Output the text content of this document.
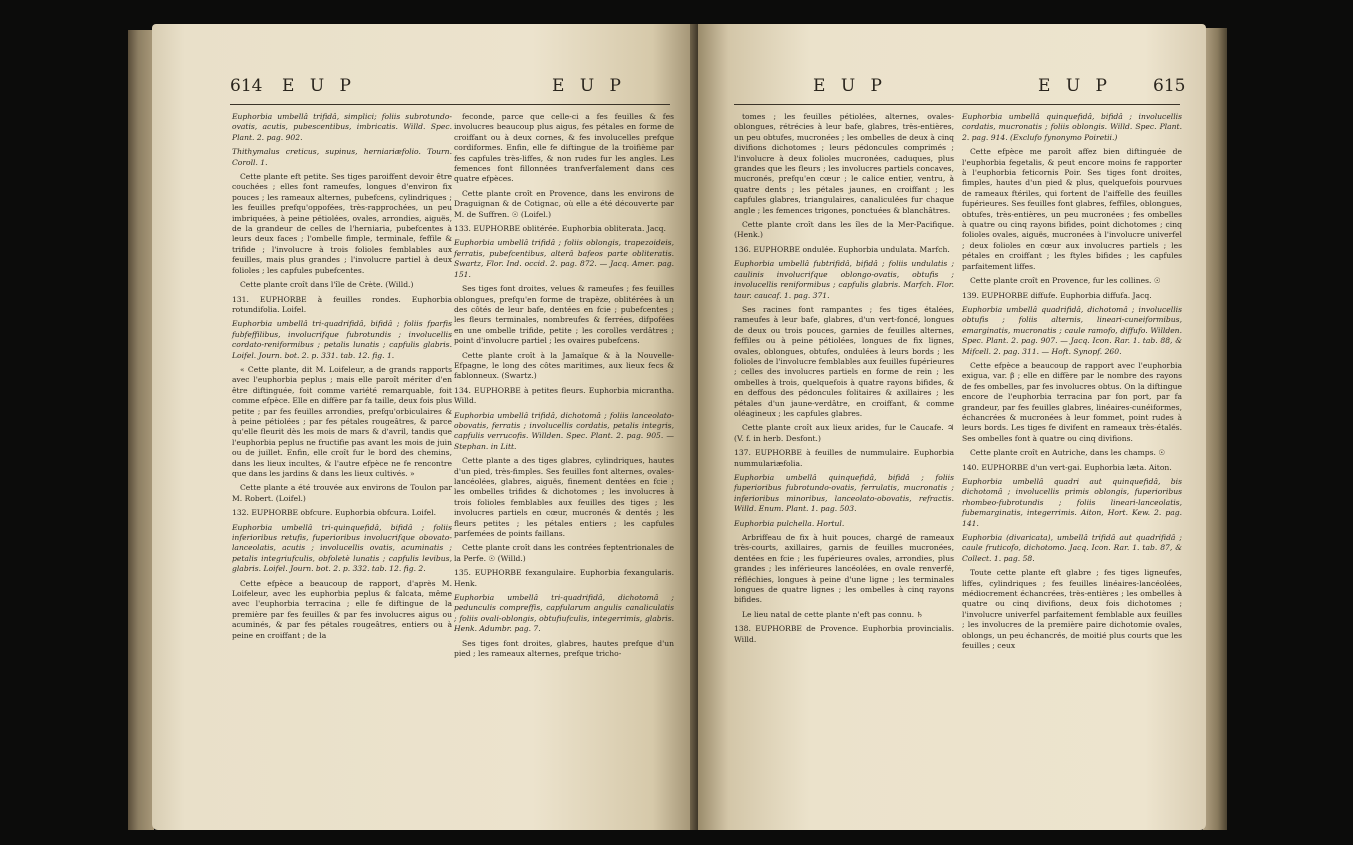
614 E U P	E U P

Euphorbia umbellâ trifidâ, simplici; foliis subrotundo-ovatis, acutis, pubescentibus, imbricatis. Willd. Spec. Plant. 2. pag. 902.

Thithymalus creticus, supinus, herniariæfolio. Tourn. Coroll. 1.

Cette plante eft petite. Ses tiges paroiffent devoir être couchées ; elles font rameufes, longues d'environ fix pouces ; les rameaux alternes, pubefcens, cylindriques ; les feuilles prefqu'oppofées, très-rapprochées, un peu imbriquées, à peine pétiolées, ovales, arrondies, aiguës, de la grandeur de celles de l'herniaria, pubefcentes à leurs deux faces ; l'ombelle fimple, terminale, feffile & trifide ; l'involucre à trois folioles femblables aux feuilles, mais plus grandes ; l'involucre partiel à deux folioles ; les capfules pubefcentes.

Cette plante croît dans l'île de Crète. (Willd.)

131. EUPHORBE à feuilles rondes. Euphorbia rotundifolia. Loifel.

Euphorbia umbellâ tri-quadrifidâ, bifidâ ; foliis fparfis fubfeffilibus, involucrifque fubrotundis ; involucellis cordato-reniformibus ; petalis lunatis ; capfulis glabris. Loifel. Journ. bot. 2. p. 331. tab. 12. fig. 1.

« Cette plante, dit M. Loifeleur, a de grands rapports avec l'euphorbia peplus ; mais elle paroît mériter d'en être diftinguée, foit comme variété remarquable, foit comme efpèce. Elle en diffère par fa taille, deux fois plus petite ; par fes feuilles arrondies, prefqu'orbiculaires & à peine pétiolées ; par fes pétales rougeâtres, & parce qu'elle fleurit dès les mois de mars & d'avril, tandis que l'euphorbia peplus ne fructifie pas avant les mois de juin ou de juillet. Enfin, elle croît fur le bord des chemins, dans les lieux incultes, & l'autre efpèce ne fe rencontre que dans les jardins & dans les lieux cultivés. »

Cette plante a été trouvée aux environs de Toulon par M. Robert. (Loifel.)

132. EUPHORBE obfcure. Euphorbia obfcura. Loifel.

Euphorbia umbellâ tri-quinquefidâ, bifidâ ; foliis inferioribus retufis, fuperioribus involucrifque obovato-lanceolatis, acutis ; involucellis ovatis, acuminatis ; petalis integriufculis, obfoletè lunatis ; capfulis levibus, glabris. Loifel. Journ. bot. 2. p. 332. tab. 12. fig. 2.

Cette efpèce a beaucoup de rapport, d'après M. Loifeleur, avec les euphorbia peplus & falcata, même avec l'euphorbia terracina ; elle fe diftingue de la première par fes feuilles & par fes involucres aigus ou acuminés, & par fes pétales rougeâtres, entiers ou à peine en croiffant ; de la

feconde, parce que celle-ci a fes feuilles & fes involucres beaucoup plus aigus, fes pétales en forme de croiffant ou à deux cornes, & fes involucelles prefque cordiformes. Enfin, elle fe diftingue de la troifième par fes capfules très-liffes, & non rudes fur les angles. Les femences font fillonnées tranfverfalement dans ces quatre efpèces.

Cette plante croît en Provence, dans les environs de Draguignan & de Cotignac, où elle a été découverte par M. de Suffren. ☉ (Loifel.)

133. EUPHORBE oblitérée. Euphorbia obliterata. Jacq.

Euphorbia umbellâ trifidâ ; foliis oblongis, trapezoideis, ferratis, pubefcentibus, alterâ bafeos parte obliteratis. Swartz, Flor. Ind. occid. 2. pag. 872. — Jacq. Amer. pag. 151.

Ses tiges font droites, velues & rameufes ; fes feuilles oblongues, prefqu'en forme de trapèze, oblitérées à un des côtés de leur bafe, dentées en fcie ; pubefcentes ; les fleurs terminales, nombreufes & ferrées, difpofées en une ombelle trifide, petite ; les corolles verdâtres ; point d'involucre partiel ; les ovaires pubefcens.

Cette plante croît à la Jamaïque & à la Nouvelle-Efpagne, le long des côtes maritimes, aux lieux fecs & fablonneux. (Swartz.)

134. EUPHORBE à petites fleurs. Euphorbia micrantha. Willd.

Euphorbia umbellâ trifidâ, dichotomâ ; foliis lanceolato-obovatis, ferratis ; involucellis cordatis, petalis integris, capfulis verrucofis. Willden. Spec. Plant. 2. pag. 905. — Stephan. in Litt.

Cette plante a des tiges glabres, cylindriques, hautes d'un pied, très-fimples. Ses feuilles font alternes, ovales-lancéolées, glabres, aiguës, finement dentées en fcie ; les ombelles trifides & dichotomes ; les involucres à trois folioles femblables aux feuilles des tiges ; les involucres partiels en cœur, mucronés & dentés ; les fleurs petites ; les pétales entiers ; les capfules parfemées de points faillans.

Cette plante croît dans les contrées feptentrionales de la Perfe. ☉ (Willd.)

135. EUPHORBE fexangulaire. Euphorbia fexangularis. Henk.

Euphorbia umbellâ tri-quadrifidâ, dichotomâ ; pedunculis compreffis, capfularum angulis canaliculatis ; foliis ovali-oblongis, obtufiufculis, integerrimis, glabris. Henk. Adumbr. pag. 7.

Ses tiges font droites, glabres, hautes prefque d'un pied ; les rameaux alternes, prefque tricho-

E U P	E U P 615

tomes ; les feuilles pétiolées, alternes, ovales-oblongues, rétrécies à leur bafe, glabres, très-entières, un peu obtufes, mucronées ; les ombelles de deux à cinq divifions dichotomes ; leurs pédoncules comprimés ; l'involucre à deux folioles mucronées, caduques, plus grandes que les fleurs ; les involucres partiels concaves, mucronés, prefqu'en cœur ; le calice entier, ventru, à quatre dents ; les pétales jaunes, en croiffant ; les capfules glabres, triangulaires, canaliculées fur chaque angle ; les femences trigones, ponctuées & blanchâtres.

Cette plante croît dans les îles de la Mer-Pacifique. (Henk.)

136. EUPHORBE ondulée. Euphorbia undulata. Marfch.

Euphorbia umbellâ fubtrifidâ, bifidâ ; foliis undulatis ; caulinis involucrifque oblongo-ovatis, obtufis ; involucellis reniformibus ; capfulis glabris. Marfch. Flor. taur. caucaf. 1. pag. 371.

Ses racines font rampantes ; fes tiges étalées, rameufes à leur bafe, glabres, d'un vert-foncé, longues de deux ou trois pouces, garnies de feuilles alternes, feffiles ou à peine pétiolées, longues de fix lignes, ovales, oblongues, obtufes, ondulées à leurs bords ; les folioles de l'involucre femblables aux feuilles fupérieures ; celles des involucres partiels en forme de rein ; les ombelles à trois, quelquefois à quatre rayons bifides, & en deffous des pédoncules folitaires & axillaires ; les pétales d'un jaune-verdâtre, en croiffant, & comme oléagineux ; les capfules glabres.

Cette plante croît aux lieux arides, fur le Caucafe. ♃ (V. f. in herb. Desfont.)

137. EUPHORBE à feuilles de nummulaire. Euphorbia nummulariæfolia.

Euphorbia umbellâ quinquefidâ, bifidâ ; foliis fuperioribus fubrotundo-ovatis, ferrulatis, mucronatis ; inferioribus minoribus, lanceolato-obovatis, refractis. Willd. Enum. Plant. 1. pag. 503.

Euphorbia pulchella. Hortul.

Arbriffeau de fix à huit pouces, chargé de rameaux très-courts, axillaires, garnis de feuilles mucronées, dentées en fcie ; les fupérieures ovales, arrondies, plus grandes ; les inférieures lancéolées, en ovale renverfé, réfléchies, longues à peine d'une ligne ; les terminales longues de quatre lignes ; les ombelles à cinq rayons bifides.

Le lieu natal de cette plante n'eft pas connu. ♄

138. EUPHORBE de Provence. Euphorbia provincialis. Willd.

Euphorbia umbellâ quinquefidâ, bifidâ ; involucellis cordatis, mucronatis ; foliis oblongis. Willd. Spec. Plant. 2. pag. 914. (Exclufo fynonymo Poiretii.)

Cette efpèce me paroît affez bien diftinguée de l'euphorbia fegetalis, & peut encore moins fe rapporter à l'euphorbia feticornis Poir. Ses tiges font droites, fimples, hautes d'un pied & plus, quelquefois pourvues de rameaux ftériles, qui fortent de l'aiffelle des feuilles fupérieures. Ses feuilles font glabres, feffiles, oblongues, obtufes, très-entières, un peu mucronées ; fes ombelles à quatre ou cinq rayons bifides, point dichotomes ; cinq folioles ovales, aiguës, mucronées à l'involucre univerfel ; deux folioles en cœur aux involucres partiels ; les pétales en croiffant ; les ftyles bifides ; les capfules parfaitement liffes.

Cette plante croît en Provence, fur les collines. ☉

139. EUPHORBE diffufe. Euphorbia diffufa. Jacq.

Euphorbia umbellâ quadrifidâ, dichotomâ ; involucellis obtufis ; foliis alternis, lineari-cuneiformibus, emarginatis, mucronatis ; caule ramofo, diffufo. Willden. Spec. Plant. 2. pag. 907. — Jacq. Icon. Rar. 1. tab. 88, & Mifcell. 2. pag. 311. — Hoft. Synopf. 260.

Cette efpèce a beaucoup de rapport avec l'euphorbia exigua, var. β ; elle en diffère par le nombre des rayons de fes ombelles, par fes involucres obtus. On la diftingue encore de l'euphorbia terracina par fon port, par fa grandeur, par fes feuilles glabres, linéaires-cunéiformes, échancrées & mucronées à leur fommet, point rudes à leurs bords. Les tiges fe divifent en rameaux très-étalés. Ses ombelles font à quatre ou cinq divifions.

Cette plante croît en Autriche, dans les champs. ☉

140. EUPHORBE d'un vert-gai. Euphorbia læta. Aiton.

Euphorbia umbellâ quadri aut quinquefidâ, bis dichotomâ ; involucellis primis oblongis, fuperioribus rhombeo-fubrotundis ; foliis lineari-lanceolatis, fubemarginatis, integerrimis. Aiton, Hort. Kew. 2. pag. 141.

Euphorbia (divaricata), umbellâ trifidâ aut quadrifidâ ; caule fruticofo, dichotomo. Jacq. Icon. Rar. 1. tab. 87, & Collect. 1. pag. 58.

Toute cette plante eft glabre ; fes tiges ligneufes, liffes, cylindriques ; fes feuilles linéaires-lancéolées, médiocrement échancrées, très-entières ; les ombelles à quatre ou cinq divifions, deux fois dichotomes ; l'involucre univerfel parfaitement femblable aux feuilles ; les involucres de la première paire dichotomie ovales, oblongs, un peu échancrés, de moitié plus courts que les feuilles ; ceux
